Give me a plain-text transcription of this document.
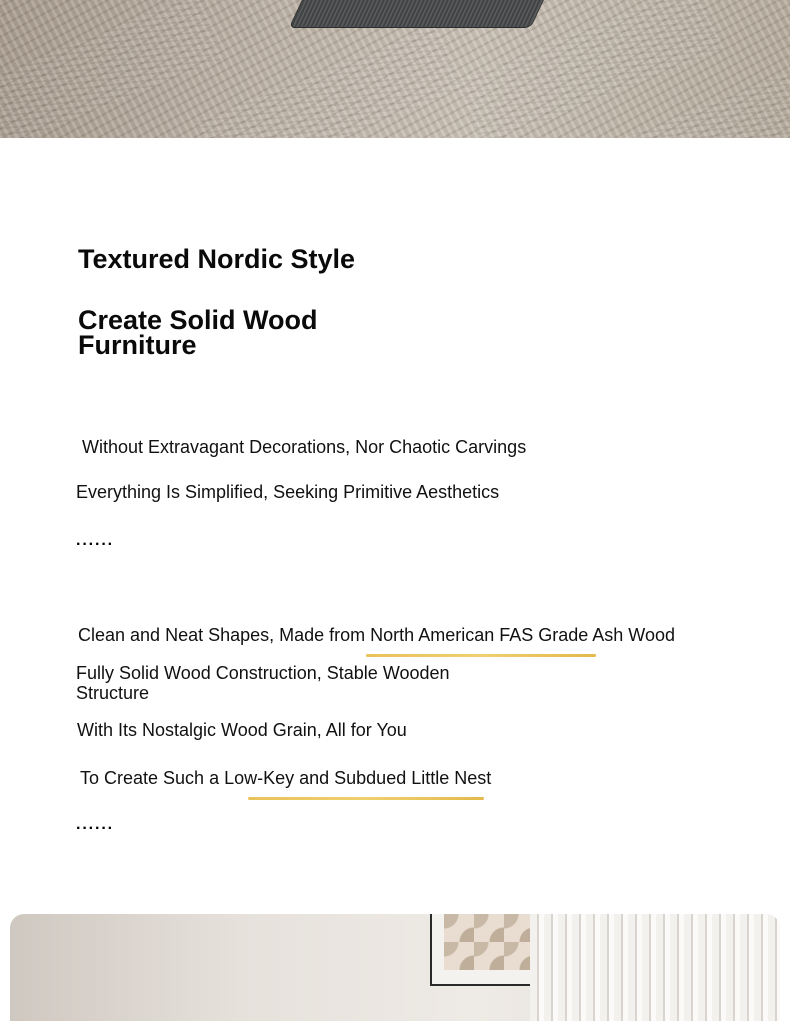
Textured Nordic Style
Create Solid Wood Furniture

Without Extravagant Decorations, Nor Chaotic Carvings

Everything Is Simplified, Seeking Primitive Aesthetics

······

Clean and Neat Shapes, Made from North American FAS Grade Ash Wood

Fully Solid Wood Construction, Stable Wooden Structure

With Its Nostalgic Wood Grain, All for You

To Create Such a Low-Key and Subdued Little Nest

······
